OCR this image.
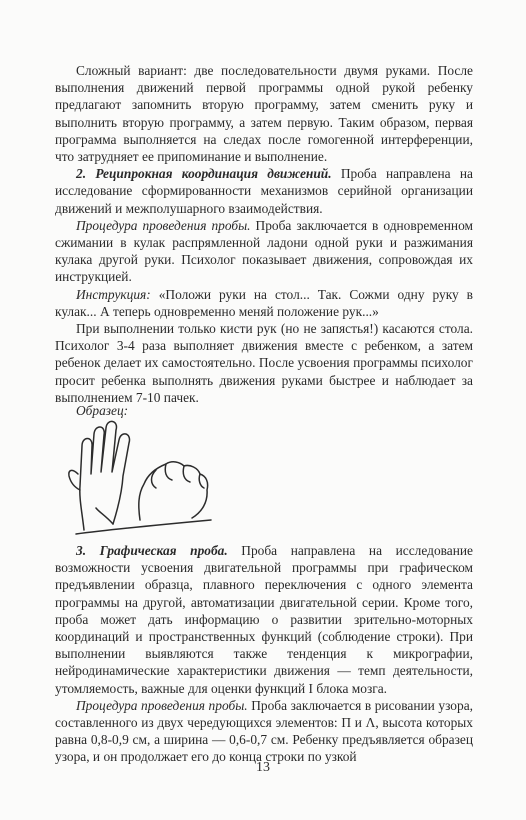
Сложный вариант: две последовательности двумя руками. После выполнения движений первой программы одной рукой ребенку предлагают запомнить вторую программу, затем сменить руку и выполнить вторую программу, а затем первую. Таким образом, первая программа выполняется на следах после гомогенной интерференции, что затрудняет ее припоминание и выполнение.

2. Реципрокная координация движений. Проба направлена на исследование сформированности механизмов серийной организации движений и межполушарного взаимодействия.

Процедура проведения пробы. Проба заключается в одновременном сжимании в кулак распрямленной ладони одной руки и разжимания кулака другой руки. Психолог показывает движения, сопровождая их инструкцией.

Инструкция: «Положи руки на стол... Так. Сожми одну руку в кулак... А теперь одновременно меняй положение рук...»

При выполнении только кисти рук (но не запястья!) касаются стола. Психолог 3-4 раза выполняет движения вместе с ребенком, а затем ребенок делает их самостоятельно. После усвоения программы психолог просит ребенка выполнять движения руками быстрее и наблюдает за выполнением 7-10 пачек.

Образец:

3. Графическая проба. Проба направлена на исследование возможности усвоения двигательной программы при графическом предъявлении образца, плавного переключения с одного элемента программы на другой, автоматизации двигательной серии. Кроме того, проба может дать информацию о развитии зрительно-моторных координаций и пространственных функций (соблюдение строки). При выполнении выявляются также тенденция к микрографии, нейродинамические характеристики движения — темп деятельности, утомляемость, важные для оценки функций I блока мозга.

Процедура проведения пробы. Проба заключается в рисовании узора, составленного из двух чередующихся элементов: П и Λ, высота которых равна 0,8-0,9 см, а ширина — 0,6-0,7 см. Ребенку предъявляется образец узора, и он продолжает его до конца строки по узкой

13
